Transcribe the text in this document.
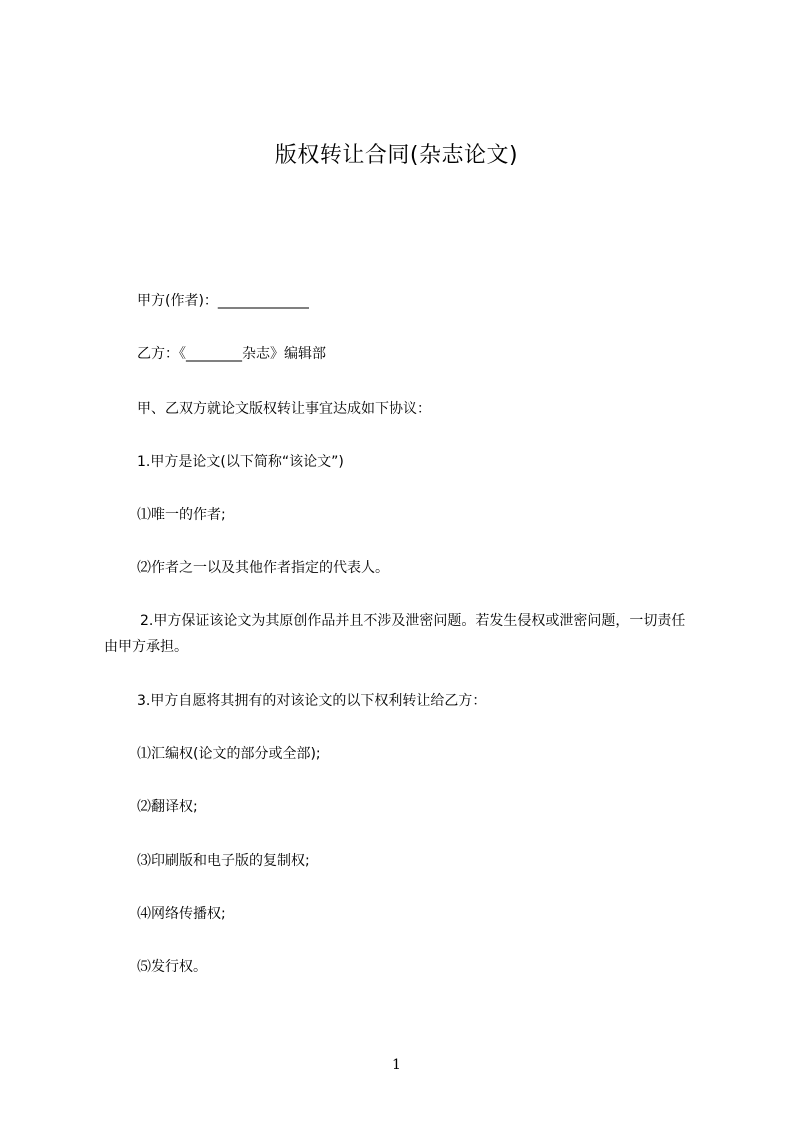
版权转让合同(杂志论文)
甲方(作者)：_____________
乙方：《________杂志》编辑部
甲、乙双方就论文版权转让事宜达成如下协议：
1.甲方是论文(以下简称“该论文”)
⑴唯一的作者;
⑵作者之一以及其他作者指定的代表人。
2.甲方保证该论文为其原创作品并且不涉及泄密问题。若发生侵权或泄密问题，一切责任由甲方承担。
3.甲方自愿将其拥有的对该论文的以下权利转让给乙方：
⑴汇编权(论文的部分或全部);
⑵翻译权;
⑶印刷版和电子版的复制权;
⑷网络传播权;
⑸发行权。
1
